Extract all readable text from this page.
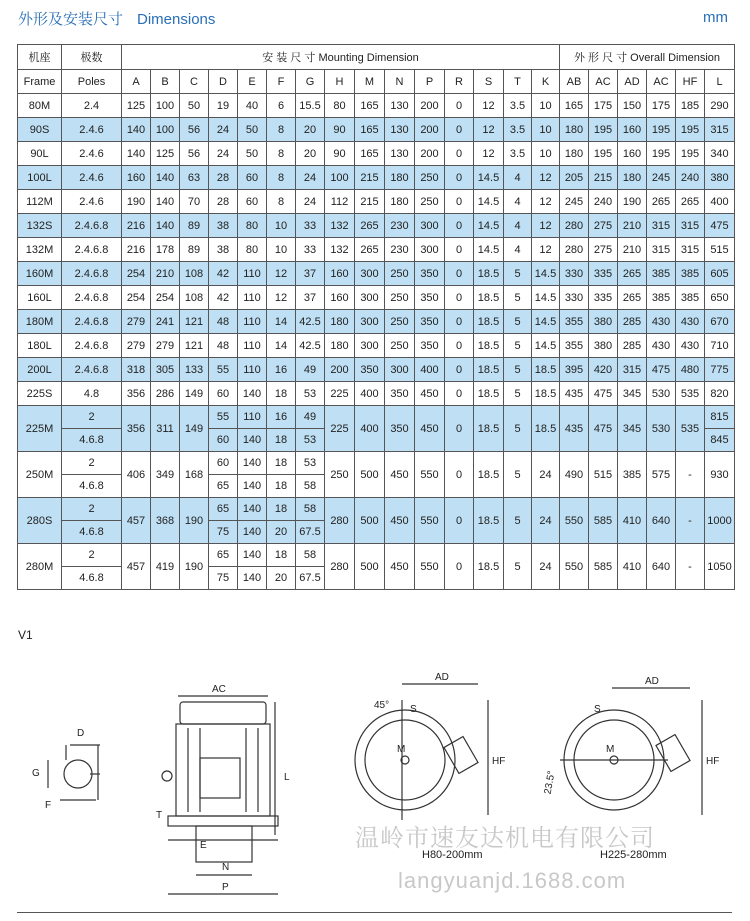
外形及安装尺寸 Dimensions	mm
机座	极数	安 装 尺 寸 Mounting Dimension															外 形 尺 寸 Overall Dimension					
Frame	Poles	A	B	C	D	E	F	G	H	M	N	P	R	S	T	K	AB	AC	AD	AC	HF	L
80M	2.4	125	100	50	19	40	6	15.5	80	165	130	200	0	12	3.5	10	165	175	150	175	185	290
90S	2.4.6	140	100	56	24	50	8	20	90	165	130	200	0	12	3.5	10	180	195	160	195	195	315
90L	2.4.6	140	125	56	24	50	8	20	90	165	130	200	0	12	3.5	10	180	195	160	195	195	340
100L	2.4.6	160	140	63	28	60	8	24	100	215	180	250	0	14.5	4	12	205	215	180	245	240	380
112M	2.4.6	190	140	70	28	60	8	24	112	215	180	250	0	14.5	4	12	245	240	190	265	265	400
132S	2.4.6.8	216	140	89	38	80	10	33	132	265	230	300	0	14.5	4	12	280	275	210	315	315	475
132M	2.4.6.8	216	178	89	38	80	10	33	132	265	230	300	0	14.5	4	12	280	275	210	315	315	515
160M	2.4.6.8	254	210	108	42	110	12	37	160	300	250	350	0	18.5	5	14.5	330	335	265	385	385	605
160L	2.4.6.8	254	254	108	42	110	12	37	160	300	250	350	0	18.5	5	14.5	330	335	265	385	385	650
180M	2.4.6.8	279	241	121	48	110	14	42.5	180	300	250	350	0	18.5	5	14.5	355	380	285	430	430	670
180L	2.4.6.8	279	279	121	48	110	14	42.5	180	300	250	350	0	18.5	5	14.5	355	380	285	430	430	710
200L	2.4.6.8	318	305	133	55	110	16	49	200	350	300	400	0	18.5	5	18.5	395	420	315	475	480	775
225S	4.8	356	286	149	60	140	18	53	225	400	350	450	0	18.5	5	18.5	435	475	345	530	535	820
225M	2	356	311	149	55	110	16	49	225	400	350	450	0	18.5	5	18.5	435	475	345	530	535	815
	4.6.8				60	140	18	53														845
250M	2	406	349	168	60	140	18	53	250	500	450	550	0	18.5	5	24	490	515	385	575	-	930
	4.6.8				65	140	18	58														
280S	2	457	368	190	65	140	18	58	280	500	450	550	0	18.5	5	24	550	585	410	640	-	1000
	4.6.8				75	140	20	67.5														
280M	2	457	419	190	65	140	18	58	280	500	450	550	0	18.5	5	24	550	585	410	640	-	1050
	4.6.8				75	140	20	67.5														
V1
D
G
F
AC
L
T
E
N
P
AD
45°
M
S
HF
AD
23.5°
M
S
HF
温岭市速友达机电有限公司
H80-200mm	H225-280mm
langyuanjd.1688.com
